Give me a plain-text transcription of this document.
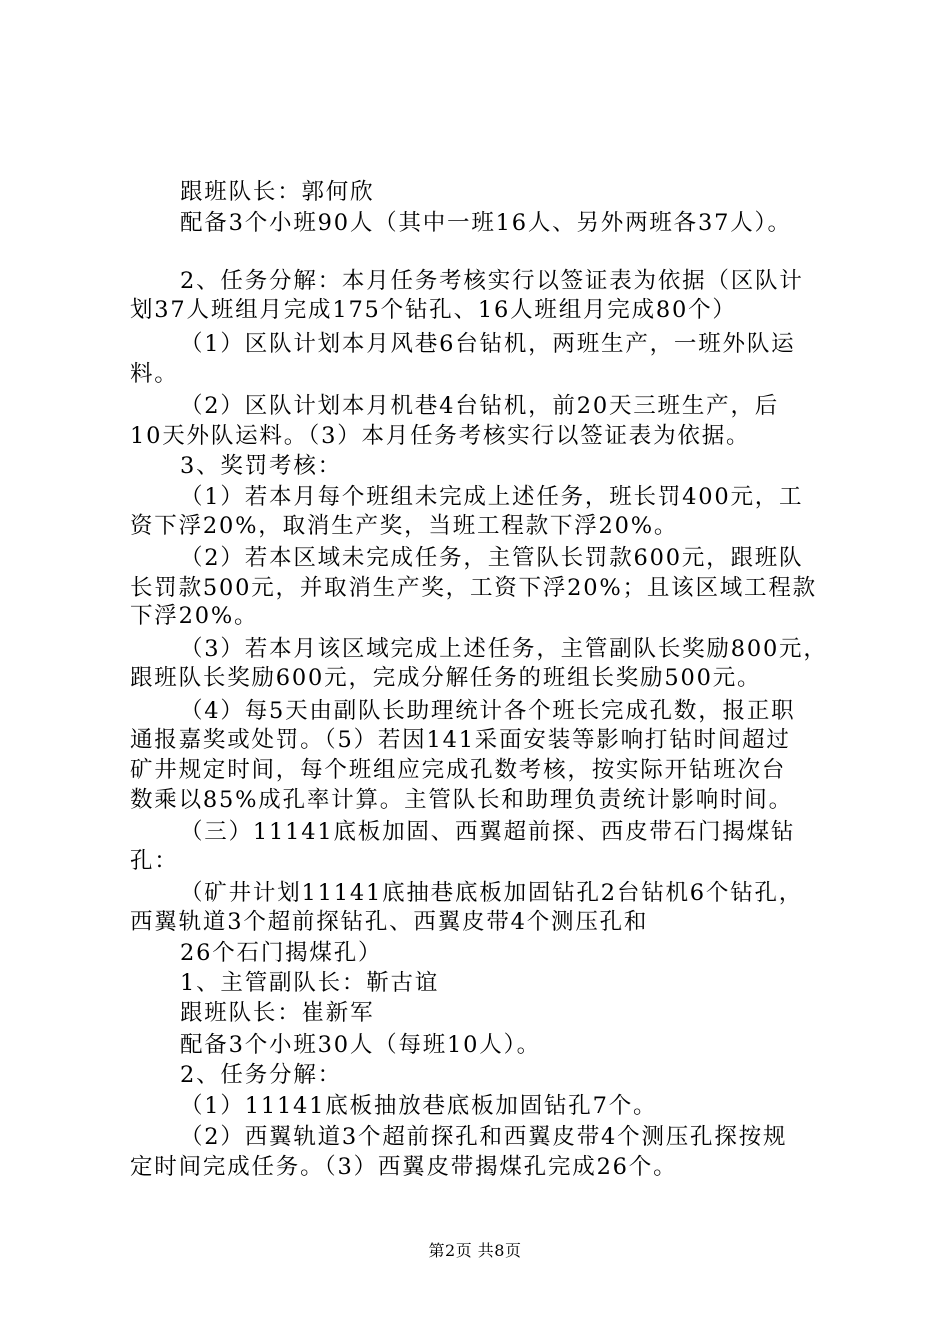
跟班队长：郭何欣
配备3个小班90人（其中一班16人、另外两班各37人）。
2、任务分解：本月任务考核实行以签证表为依据（区队计
划37人班组月完成175个钻孔、16人班组月完成80个）
（1）区队计划本月风巷6台钻机，两班生产，一班外队运
料。
（2）区队计划本月机巷4台钻机，前20天三班生产，后
10天外队运料。（3）本月任务考核实行以签证表为依据。
3、奖罚考核：
（1）若本月每个班组未完成上述任务，班长罚400元，工
资下浮20%，取消生产奖，当班工程款下浮20%。
（2）若本区域未完成任务，主管队长罚款600元，跟班队
长罚款500元，并取消生产奖，工资下浮20%；且该区域工程款
下浮20%。
（3）若本月该区域完成上述任务，主管副队长奖励800元，
跟班队长奖励600元，完成分解任务的班组长奖励500元。
（4）每5天由副队长助理统计各个班长完成孔数，报正职
通报嘉奖或处罚。（5）若因141采面安装等影响打钻时间超过
矿井规定时间，每个班组应完成孔数考核，按实际开钻班次台
数乘以85%成孔率计算。主管队长和助理负责统计影响时间。
（三）11141底板加固、西翼超前探、西皮带石门揭煤钻
孔：
（矿井计划11141底抽巷底板加固钻孔2台钻机6个钻孔，
西翼轨道3个超前探钻孔、西翼皮带4个测压孔和
26个石门揭煤孔）
1、主管副队长：靳古谊
跟班队长：崔新军
配备3个小班30人（每班10人）。
2、任务分解：
（1）11141底板抽放巷底板加固钻孔7个。
（2）西翼轨道3个超前探孔和西翼皮带4个测压孔探按规
定时间完成任务。（3）西翼皮带揭煤孔完成26个。
第2页 共8页
